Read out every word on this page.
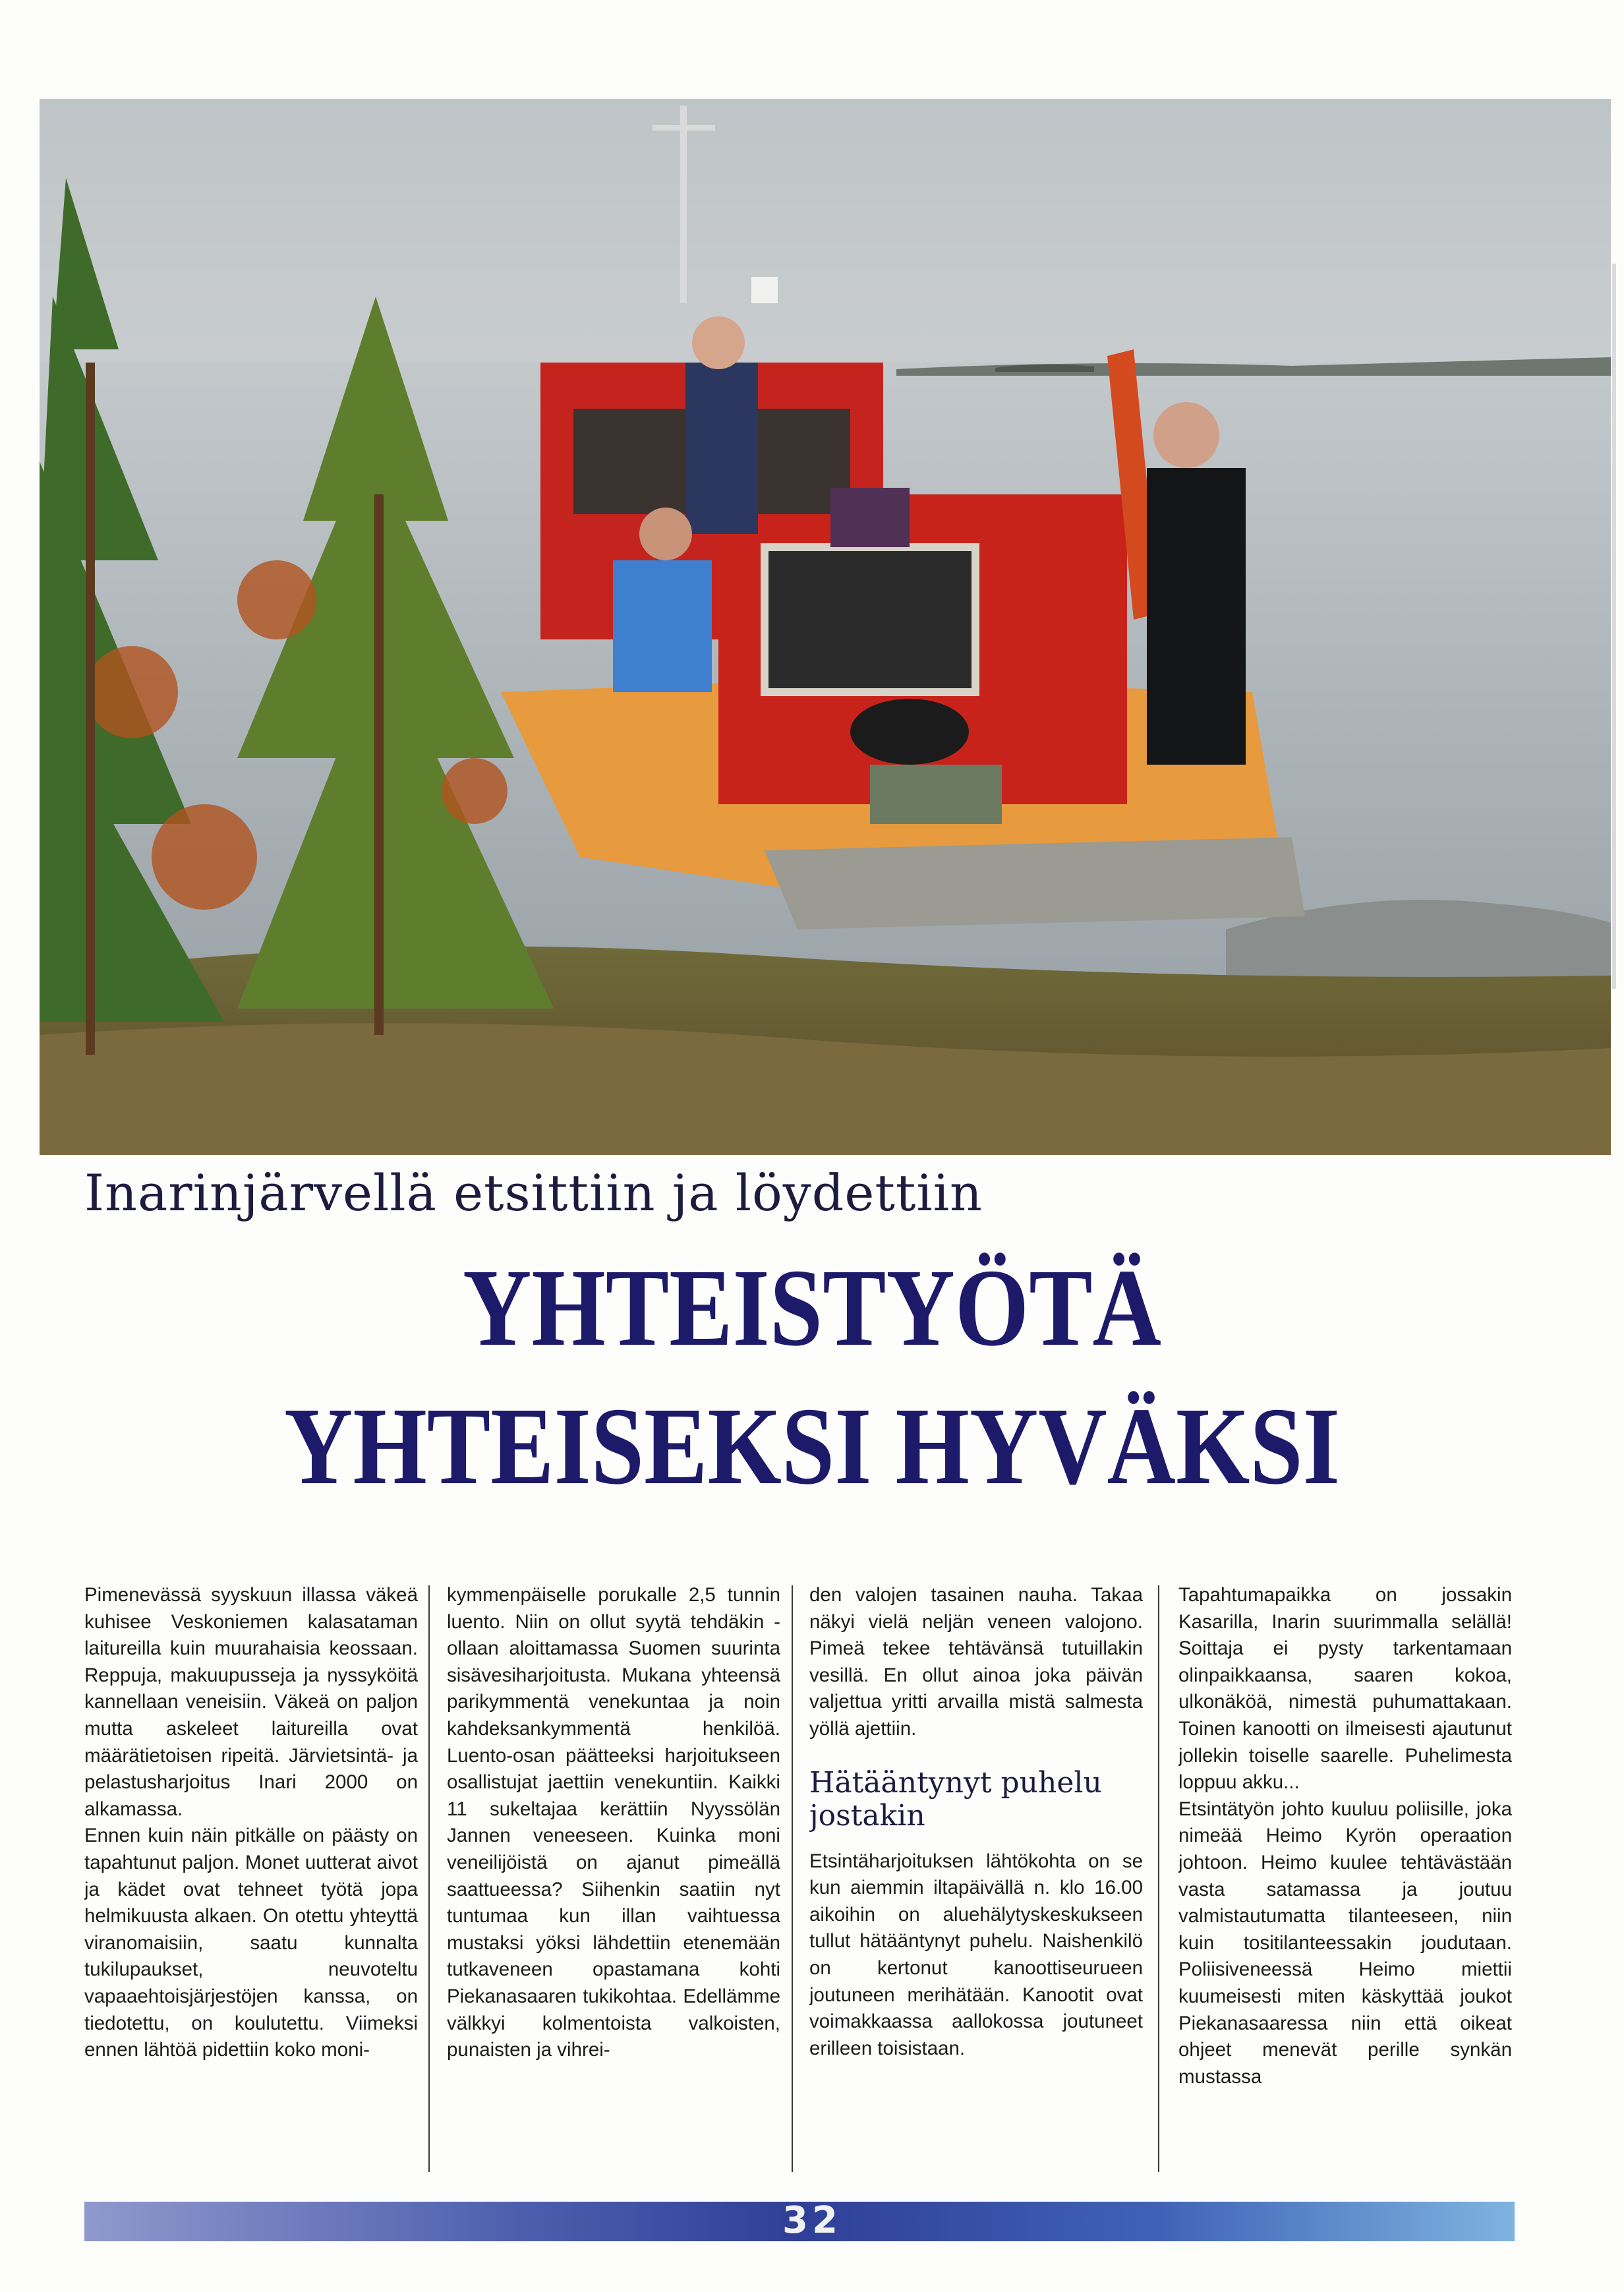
Inarinjärvellä etsittiin ja löydettiin
YHTEISTYÖTÄ
YHTEISEKSI HYVÄKSI

Pimenevässä syyskuun illassa väkeä kuhisee Veskoniemen kalasataman laitureilla kuin muurahaisia keossaan. Reppuja, makuupusseja ja nyssyköitä kannellaan veneisiin. Väkeä on paljon mutta askeleet laitureilla ovat määrätietoisen ripeitä. Järvietsintä- ja pelastusharjoitus Inari 2000 on alkamassa.

Ennen kuin näin pitkälle on päästy on tapahtunut paljon. Monet uutterat aivot ja kädet ovat tehneet työtä jopa helmikuusta alkaen. On otettu yhteyttä viranomaisiin, saatu kunnalta tukilupaukset, neuvoteltu vapaaehtoisjärjestöjen kanssa, on tiedotettu, on koulutettu. Viimeksi ennen lähtöä pidettiin koko moni-

kymmenpäiselle porukalle 2,5 tunnin luento. Niin on ollut syytä tehdäkin - ollaan aloittamassa Suomen suurinta sisävesiharjoitusta. Mukana yhteensä parikymmentä venekuntaa ja noin kahdeksankymmentä henkilöä. Luento-osan päätteeksi harjoitukseen osallistujat jaettiin venekuntiin. Kaikki 11 sukeltajaa kerättiin Nyyssölän Jannen veneeseen. Kuinka moni veneilijöistä on ajanut pimeällä saattueessa? Siihenkin saatiin nyt tuntumaa kun illan vaihtuessa mustaksi yöksi lähdettiin etenemään tutkaveneen opastamana kohti Piekanasaaren tukikohtaa. Edellämme välkkyi kolmentoista valkoisten, punaisten ja vihrei-

den valojen tasainen nauha. Takaa näkyi vielä neljän veneen valojono. Pimeä tekee tehtävänsä tutuillakin vesillä. En ollut ainoa joka päivän valjettua yritti arvailla mistä salmesta yöllä ajettiin.

Hätääntynyt puhelu jostakin

Etsintäharjoituksen lähtökohta on se kun aiemmin iltapäivällä n. klo 16.00 aikoihin on aluehälytyskeskukseen tullut hätääntynyt puhelu. Naishenkilö on kertonut kanoottiseurueen joutuneen merihätään. Kanootit ovat voimakkaassa aallokossa joutuneet erilleen toisistaan.

Tapahtumapaikka on jossakin Kasarilla, Inarin suurimmalla selällä! Soittaja ei pysty tarkentamaan olinpaikkaansa, saaren kokoa, ulkonäköä, nimestä puhumattakaan. Toinen kanootti on ilmeisesti ajautunut jollekin toiselle saarelle. Puhelimesta loppuu akku...

Etsintätyön johto kuuluu poliisille, joka nimeää Heimo Kyrön operaation johtoon. Heimo kuulee tehtävästään vasta satamassa ja joutuu valmistautumatta tilanteeseen, niin kuin tositilanteessakin joudutaan. Poliisiveneessä Heimo miettii kuumeisesti miten käskyttää joukot Piekanasaaressa niin että oikeat ohjeet menevät perille synkän mustassa

32
